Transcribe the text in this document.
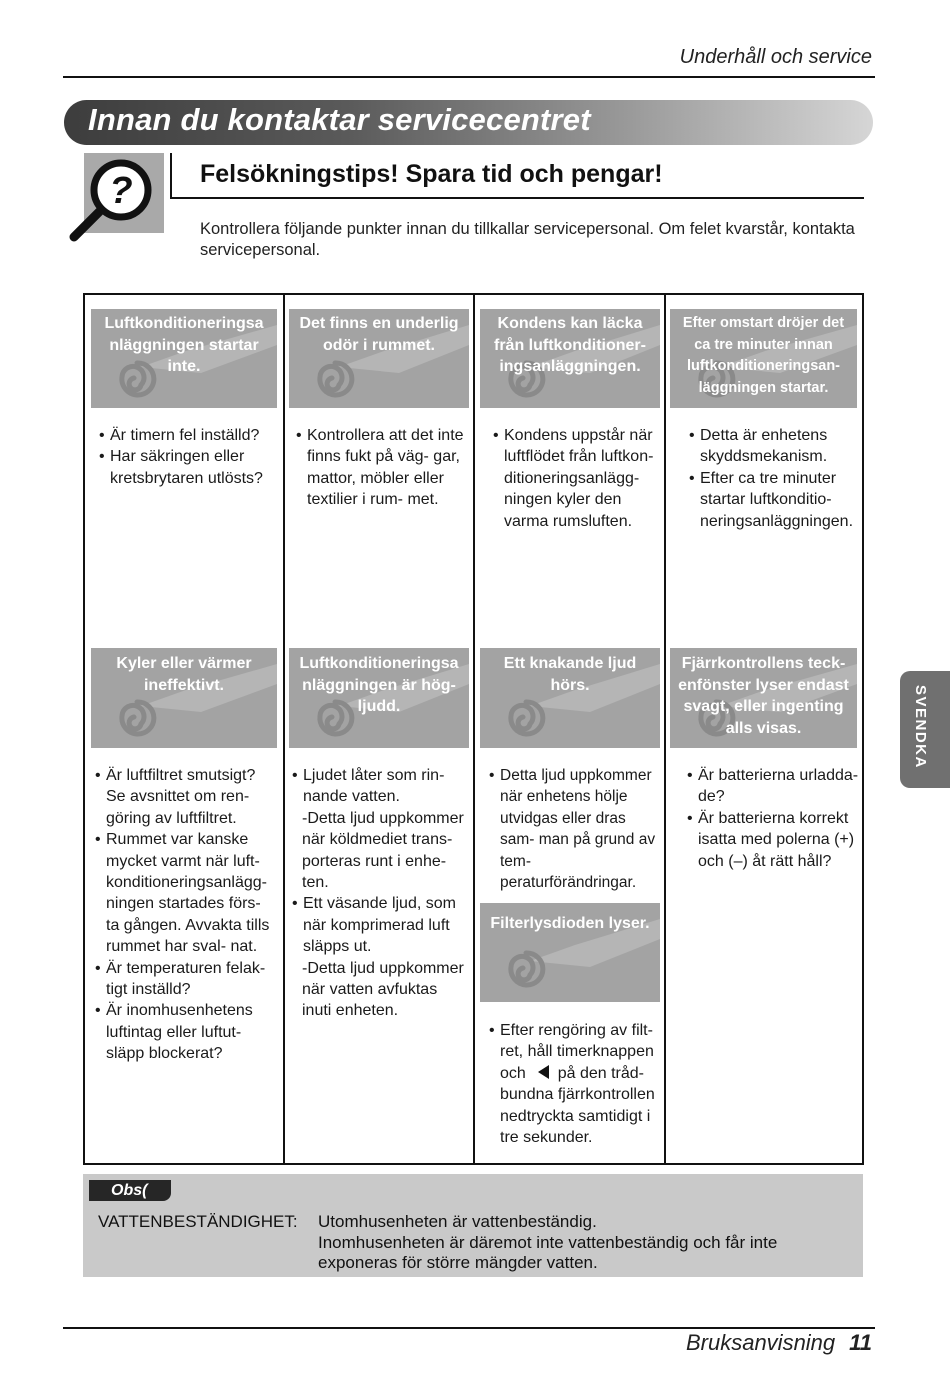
Underhåll och service
Innan du kontaktar servicecentret
?	Felsökningstips! Spara tid och pengar!
Kontrollera följande punkter innan du tillkallar servicepersonal. Om felet kvarstår, kontakta servicepersonal.
Luftkonditioneringsa nläggningen startar inte.
Det finns en underlig odör i rummet.
Kondens kan läcka från luftkonditioner- ingsanläggningen.
Efter omstart dröjer det ca tre minuter innan luftkonditioneringsan- läggningen startar.
• Är timern fel inställd?
• Har säkringen eller kretsbrytaren utlösts?
• Kontrollera att det inte finns fukt på väg- gar, mattor, möbler eller textilier i rum- met.
• Kondens uppstår när luftflödet från luftkon- ditioneringsanlägg- ningen kyler den varma rumsluften.
• Detta är enhetens skyddsmekanism.
• Efter ca tre minuter startar luftkonditio- neringsanläggningen.
Kyler eller värmer ineffektivt.
Luftkonditioneringsa nläggningen är hög- ljudd.
Ett knakande ljud hörs.
Fjärrkontrollens teck- enfönster lyser endast svagt, eller ingenting alls visas.
• Är luftfiltret smutsigt? Se avsnittet om ren- göring av luftfiltret.
• Rummet var kanske mycket varmt när luft- konditioneringsanlägg- ningen startades förs- ta gången. Avvakta tills rummet har sval- nat.
• Är temperaturen felak- tigt inställd?
• Är inomhusenhetens luftintag eller luftut- släpp blockerat?
• Ljudet låter som rin- nande vatten.
-Detta ljud uppkommer när köldmediet trans- porteras runt i enhe- ten.
• Ett väsande ljud, som när komprimerad luft släpps ut.
-Detta ljud uppkommer när vatten avfuktas inuti enheten.
• Detta ljud uppkommer när enhetens hölje utvidgas eller dras sam- man på grund av tem- peraturförändringar.
• Är batterierna urladda- de?
• Är batterierna korrekt isatta med polerna (+) och (–) åt rätt håll?
Filterlysdioden lyser.
• Efter rengöring av filt- ret, håll timerknappen och på den tråd- bundna fjärrkontrollen nedtryckta samtidigt i tre sekunder.
Obs(
VATTENBESTÄNDIGHET: Utomhusenheten är vattenbeständig.
Inomhusenheten är däremot inte vattenbeständig och får inte exponeras för större mängder vatten.
SVENDKA
Bruksanvisning 11
